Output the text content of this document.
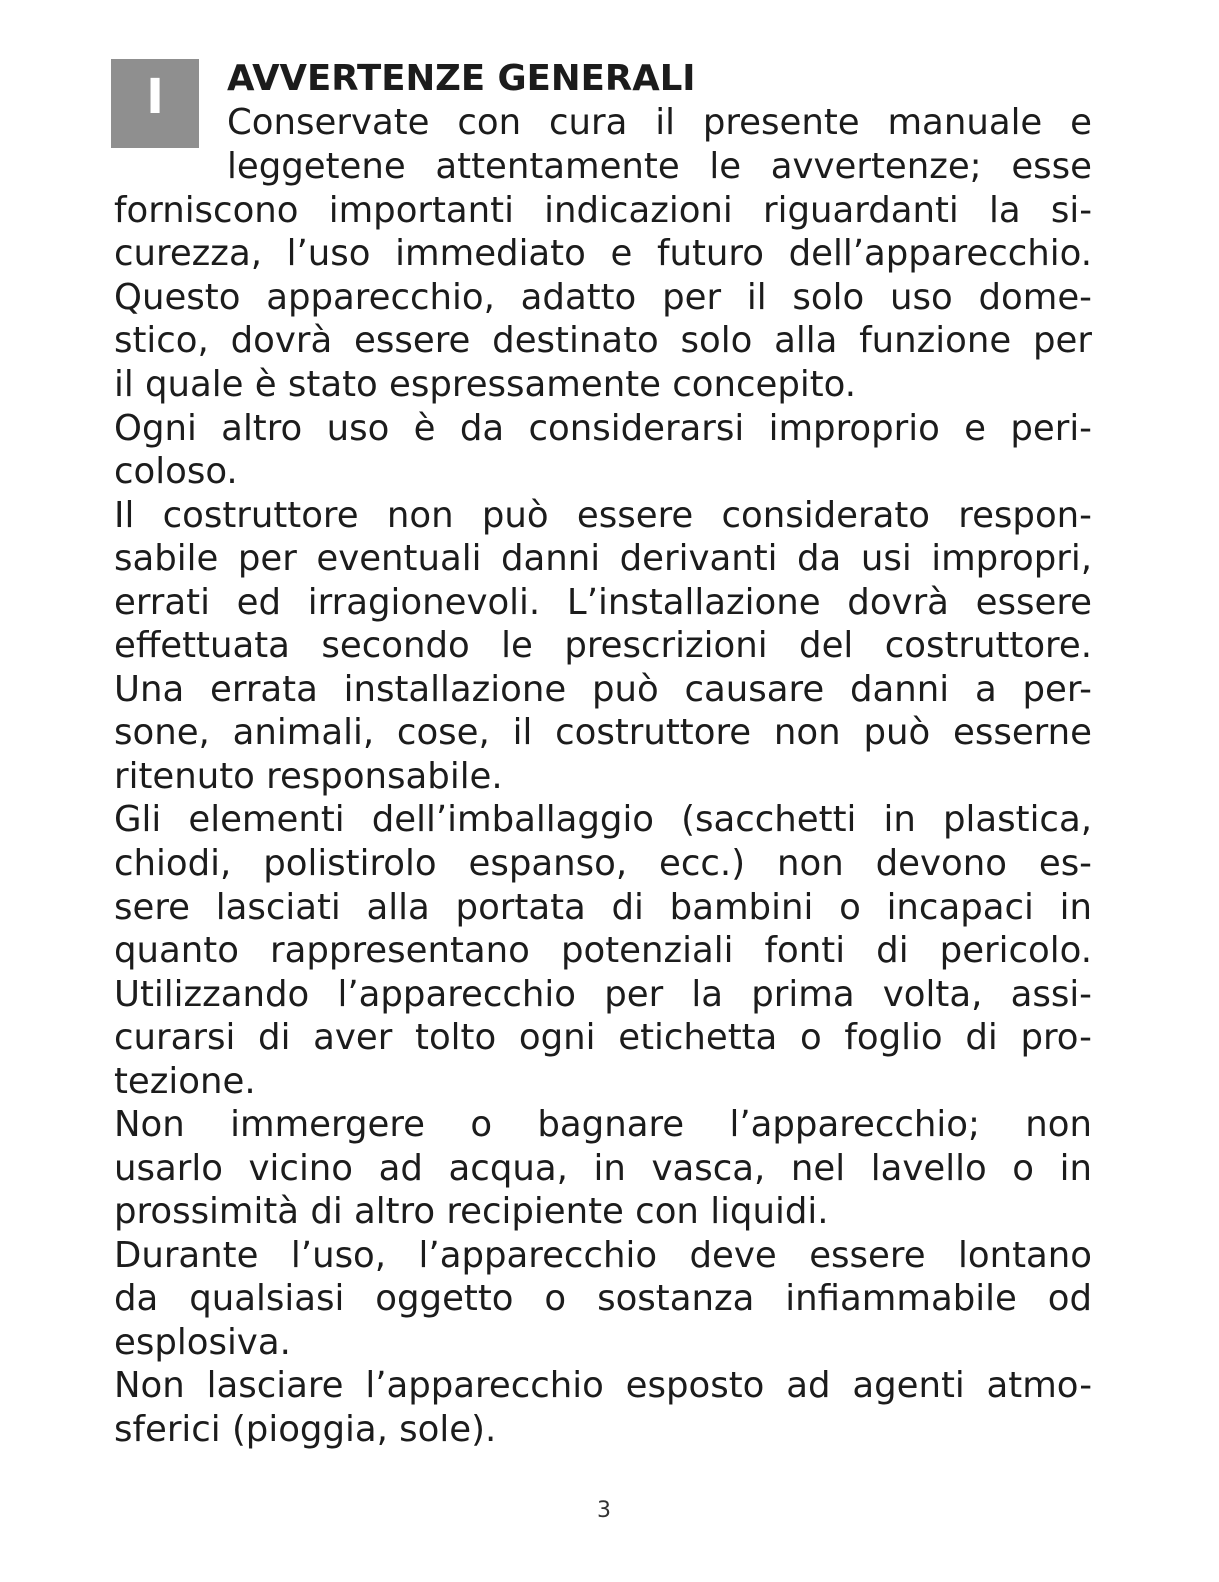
I	AVVERTENZE GENERALI

Conservate con cura il presente manuale e

leggetene attentamente le avvertenze; esse

forniscono importanti indicazioni riguardanti la si-

curezza, l’uso immediato e futuro dell’apparecchio.

Questo apparecchio, adatto per il solo uso dome-

stico, dovrà essere destinato solo alla funzione per

il quale è stato espressamente concepito.

Ogni altro uso è da considerarsi improprio e peri-

coloso.

Il costruttore non può essere considerato respon-

sabile per eventuali danni derivanti da usi impropri,

errati ed irragionevoli. L’installazione dovrà essere

effettuata secondo le prescrizioni del costruttore.

Una errata installazione può causare danni a per-

sone, animali, cose, il costruttore non può esserne

ritenuto responsabile.

Gli elementi dell’imballaggio (sacchetti in plastica,

chiodi, polistirolo espanso, ecc.) non devono es-

sere lasciati alla portata di bambini o incapaci in

quanto rappresentano potenziali fonti di pericolo.

Utilizzando l’apparecchio per la prima volta, assi-

curarsi di aver tolto ogni etichetta o foglio di pro-

tezione.

Non immergere o bagnare l’apparecchio; non

usarlo vicino ad acqua, in vasca, nel lavello o in

prossimità di altro recipiente con liquidi.

Durante l’uso, l’apparecchio deve essere lontano

da qualsiasi oggetto o sostanza infiammabile od

esplosiva.

Non lasciare l’apparecchio esposto ad agenti atmo-

sferici (pioggia, sole).

3
